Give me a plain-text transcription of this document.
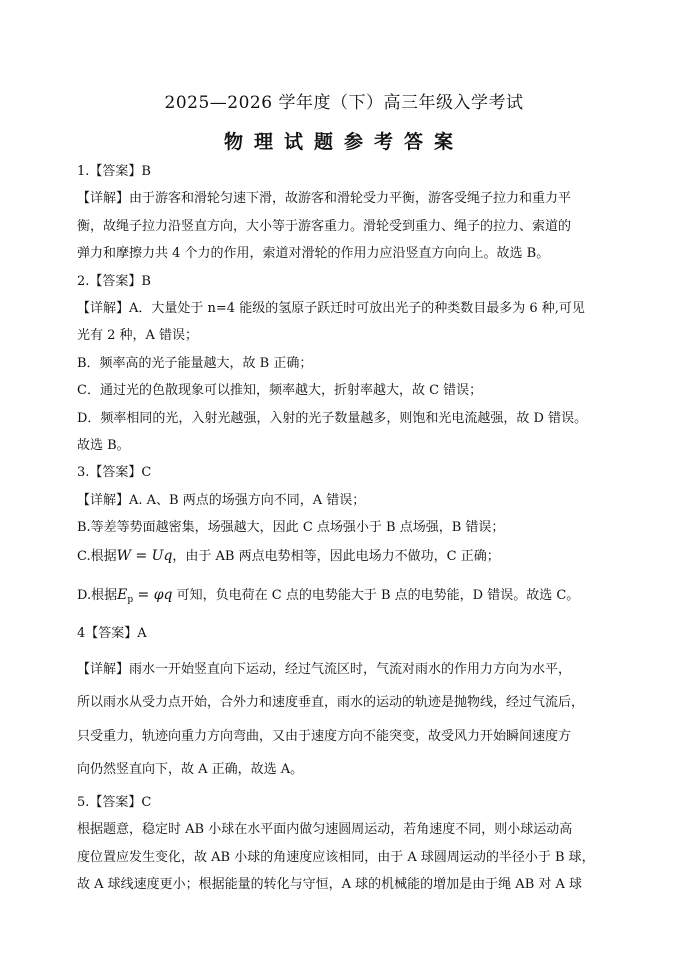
2025—2026 学年度（下）高三年级入学考试
物理试题参考答案
1.【答案】B
【详解】由于游客和滑轮匀速下滑，故游客和滑轮受力平衡，游客受绳子拉力和重力平
衡，故绳子拉力沿竖直方向，大小等于游客重力。滑轮受到重力、绳子的拉力、索道的
弹力和摩擦力共 4 个力的作用，索道对滑轮的作用力应沿竖直方向向上。故选 B。
2.【答案】B
【详解】A．大量处于 n=4 能级的氢原子跃迁时可放出光子的种类数目最多为 6 种,可见
光有 2 种，A 错误；
B．频率高的光子能量越大，故 B 正确；
C．通过光的色散现象可以推知，频率越大，折射率越大，故 C 错误；
D．频率相同的光，入射光越强，入射的光子数量越多，则饱和光电流越强，故 D 错误。
故选 B。
3.【答案】C
【详解】A. A、B 两点的场强方向不同，A 错误；
B.等差等势面越密集，场强越大，因此 C 点场强小于 B 点场强，B 错误；
C.根据W = Uq，由于 AB 两点电势相等，因此电场力不做功，C 正确；
D.根据$E_p = \varphi q$ 可知，负电荷在 C 点的电势能大于 B 点的电势能，D 错误。故选 C。
4【答案】A
【详解】雨水一开始竖直向下运动，经过气流区时，气流对雨水的作用力方向为水平，
所以雨水从受力点开始，合外力和速度垂直，雨水的运动的轨迹是抛物线，经过气流后，
只受重力，轨迹向重力方向弯曲，又由于速度方向不能突变，故受风力开始瞬间速度方
向仍然竖直向下，故 A 正确，故选 A。
5.【答案】C
根据题意，稳定时 AB 小球在水平面内做匀速圆周运动，若角速度不同，则小球运动高
度位置应发生变化，故 AB 小球的角速度应该相同，由于 A 球圆周运动的半径小于 B 球，
故 A 球线速度更小；根据能量的转化与守恒，A 球的机械能的增加是由于绳 AB 对 A 球
